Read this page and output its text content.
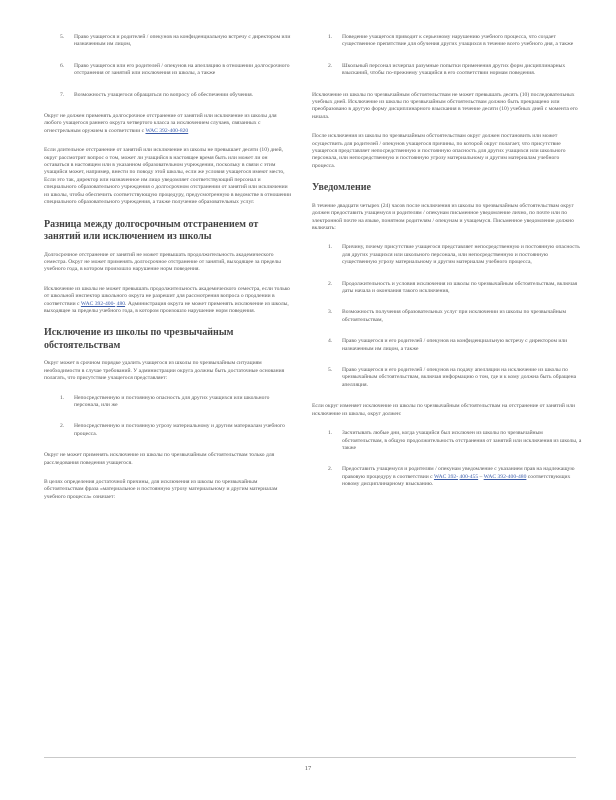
5. Право учащегося и родителей / опекунов на конфиденциальную встречу с директором или назначенным им лицом,
6. Право учащегося или его родителей / опекунов на апелляцию в отношении долгосрочного отстранения от занятий или исключения из школы, а также
7. Возможность учащегося обращаться по вопросу об обеспечении обучения.

Округ не должен применять долгосрочное отстранение от занятий или исключение из школы для любого учащегося раннего округа четвертого класса за исключением случаев, связанных с огнестрельным оружием в соответствии с WAC 392-400-820

Если длительное отстранение от занятий или исключение из школы не превышает десяти (10) дней, округ рассмотрит вопрос о том, может ли учащийся в настоящее время быть или может ли он оставаться в настоящем или в указанном образовательном учреждении, поскольку в связи с этим учащийся может, например, внести по поводу этой школы, если же условия учащегося имеют место, Если это так, директор или назначенное им лицо уведомляет соответствующий персонал и специального образовательного учреждения о долгосрочном отстранении от занятий или исключении из школы, чтобы обеспечить соответствующую процедуру, предусмотренную в ведомстве в отношении специального образовательного учреждения, а также получение образовательных услуг.

Разница между долгосрочным отстранением от занятий или исключением из школы

Долгосрочное отстранение от занятий не может превышать продолжительность академического семестра. Округ не может применять долгосрочное отстранение от занятий, выходящее за пределы учебного года, в котором произошло нарушение норм поведения.

Исключение из школы не может превышать продолжительность академического семестра, если только от школьной инспектор школьного округа не разрешит для рассмотрения вопроса о продлении в соответствии с WAC 392-400- 480. Администрация округа не может применять исключение из школы, выходящее за пределы учебного года, в котором произошло нарушение норм поведения.

Исключение из школы по чрезвычайным обстоятельствам

Округ может в срочном порядке удалить учащегося из школы по чрезвычайным ситуациям необходимости в случае требований. У администрации округа должны быть достаточные основания полагать, что присутствие учащегося представляет:

1. Непосредственную и постоянную опасность для других учащихся или школьного персонала, или же
2. Непосредственную и постоянную угрозу материальному и другим материалам учебного процесса.

Округ не может применять исключение из школы по чрезвычайным обстоятельствам только для расследования поведения учащегося.

В целях определения достаточной причины, для исключения из школы по чрезвычайным обстоятельствам фраза «материальное и постоянную угрозу материальному и другим материалам учебного процесса» означает:

1. Поведение учащегося приводит к серьезному нарушению учебного процесса, что создает существенное препятствие для обучения других учащихся в течение всего учебного дня, а также
2. Школьный персонал исчерпал разумные попытки применения других форм дисциплинарных взысканий, чтобы по-прежнему учащийся в его соответствии нормам поведения.

Исключение из школы по чрезвычайным обстоятельствам не может превышать десять (10) последовательных учебных дней. Исключение из школы по чрезвычайным обстоятельствам должно быть прекращено или преобразовано в другую форму дисциплинарного взыскания в течение десяти (10) учебных дней с момента его начала.

После исключения из школы по чрезвычайным обстоятельствам округ должен постановить или может осуществить для родителей / опекунов учащегося причины, по которой округ полагает, что присутствие учащегося представляет непосредственную и постоянную опасность для других учащихся или школьного персонала, или непосредственную и постоянную угрозу материальному и другим материалам учебного процесса.

Уведомление

В течение двадцати четырех (24) часов после исключения из школы по чрезвычайным обстоятельствам округ должен предоставить учащемуся и родителям / опекунам письменное уведомление лично, по почте или по электронной почте на языке, понятном родителям / опекунам и учащемуся. Письменное уведомление должно включать:

1. Причину, почему присутствие учащегося представляет непосредственную и постоянную опасность для других учащихся или школьного персонала, или непосредственную и постоянную существенную угрозу материальному и другим материалам учебного процесса,
2. Продолжительность и условия исключения из школы по чрезвычайным обстоятельствам, включая даты начала и окончания такого исключения,
3. Возможность получения образовательных услуг при исключении из школы по чрезвычайным обстоятельствам,
4. Право учащегося и его родителей / опекунов на конфиденциальную встречу с директором или назначенным им лицом, а также
5. Право учащегося и его родителей / опекунов на подачу апелляции на исключение из школы по чрезвычайным обстоятельствам, включая информацию о том, где и к кому должна быть обращена апелляция.

Если округ изменяет исключение из школы по чрезвычайным обстоятельствам на отстранение от занятий или исключение из школы, округ должен:

1. Засчитывать любые дни, когда учащийся был исключен из школы по чрезвычайным обстоятельствам, в общую продолжительность отстранения от занятий или исключения из школы, а также
2. Предоставить учащемуся и родителям / опекунам уведомление с указанием прав на надлежащую правовую процедуру в соответствии с WAC 392- 400-455 – WAC 392-400-480 соответствующих новому дисциплинарному взысканию.
17
